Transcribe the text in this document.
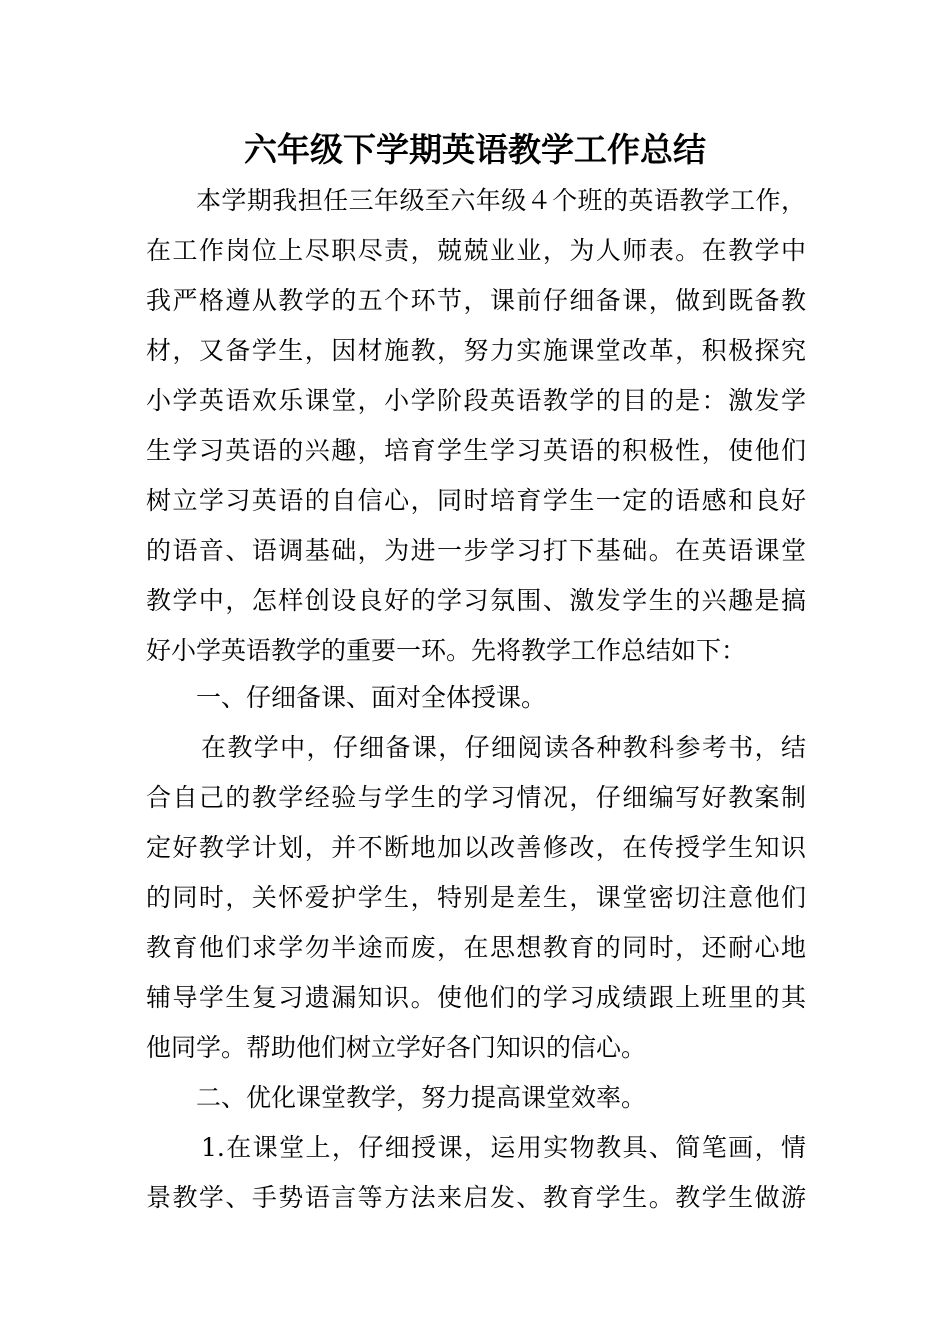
六年级下学期英语教学工作总结
本学期我担任三年级至六年级４个班的英语教学工作，
在工作岗位上尽职尽责，兢兢业业，为人师表。在教学中
我严格遵从教学的五个环节，课前仔细备课，做到既备教
材，又备学生，因材施教，努力实施课堂改革，积极探究
小学英语欢乐课堂，小学阶段英语教学的目的是：激发学
生学习英语的兴趣，培育学生学习英语的积极性，使他们
树立学习英语的自信心，同时培育学生一定的语感和良好
的语音、语调基础，为进一步学习打下基础。在英语课堂
教学中，怎样创设良好的学习氛围、激发学生的兴趣是搞
好小学英语教学的重要一环。先将教学工作总结如下：
一、仔细备课、面对全体授课。
在教学中，仔细备课，仔细阅读各种教科参考书，结
合自己的教学经验与学生的学习情况，仔细编写好教案制
定好教学计划，并不断地加以改善修改，在传授学生知识
的同时，关怀爱护学生，特别是差生，课堂密切注意他们
教育他们求学勿半途而废，在思想教育的同时，还耐心地
辅导学生复习遗漏知识。使他们的学习成绩跟上班里的其
他同学。帮助他们树立学好各门知识的信心。
二、优化课堂教学，努力提高课堂效率。
1.在课堂上，仔细授课，运用实物教具、简笔画，情
景教学、手势语言等方法来启发、教育学生。教学生做游
